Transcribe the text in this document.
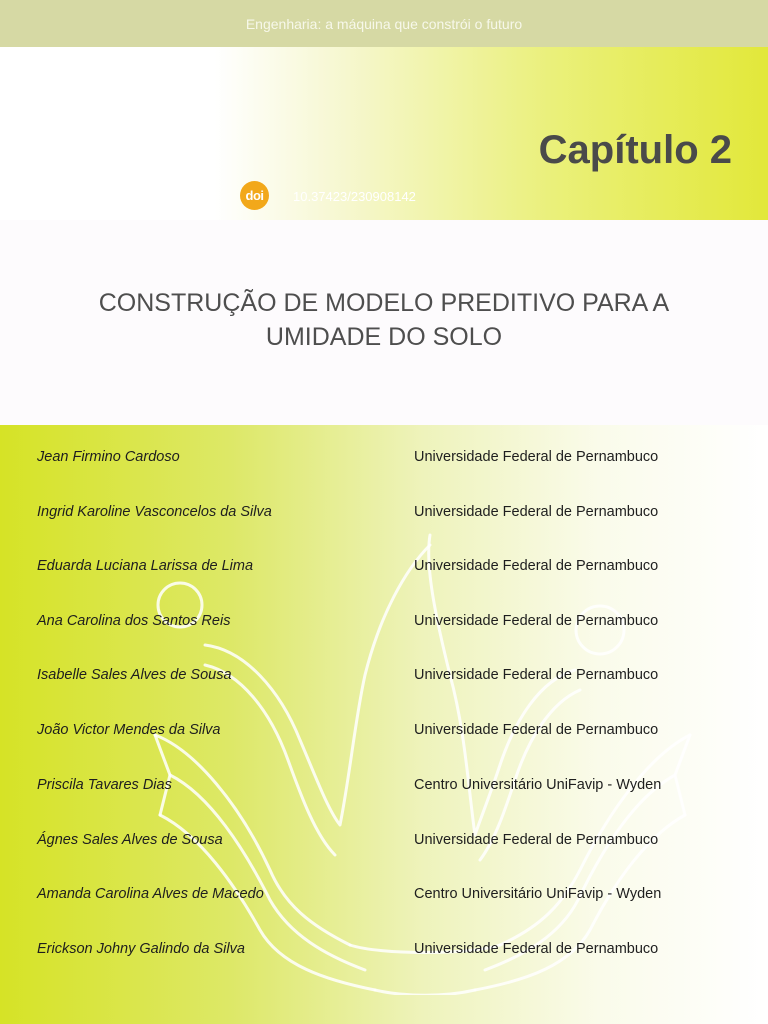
Engenharia: a máquina que constrói o futuro
Capítulo 2
doi	10.37423/230908142
CONSTRUÇÃO DE MODELO PREDITIVO PARA A
UMIDADE DO SOLO
Jean Firmino Cardoso	Universidade Federal de Pernambuco
Ingrid Karoline Vasconcelos da Silva	Universidade Federal de Pernambuco
Eduarda Luciana Larissa de Lima	Universidade Federal de Pernambuco
Ana Carolina dos Santos Reis	Universidade Federal de Pernambuco
Isabelle Sales Alves de Sousa	Universidade Federal de Pernambuco
João Victor Mendes da Silva	Universidade Federal de Pernambuco
Priscila Tavares Dias	Centro Universitário UniFavip - Wyden
Ágnes Sales Alves de Sousa	Universidade Federal de Pernambuco
Amanda Carolina Alves de Macedo	Centro Universitário UniFavip - Wyden
Erickson Johny Galindo da Silva	Universidade Federal de Pernambuco
